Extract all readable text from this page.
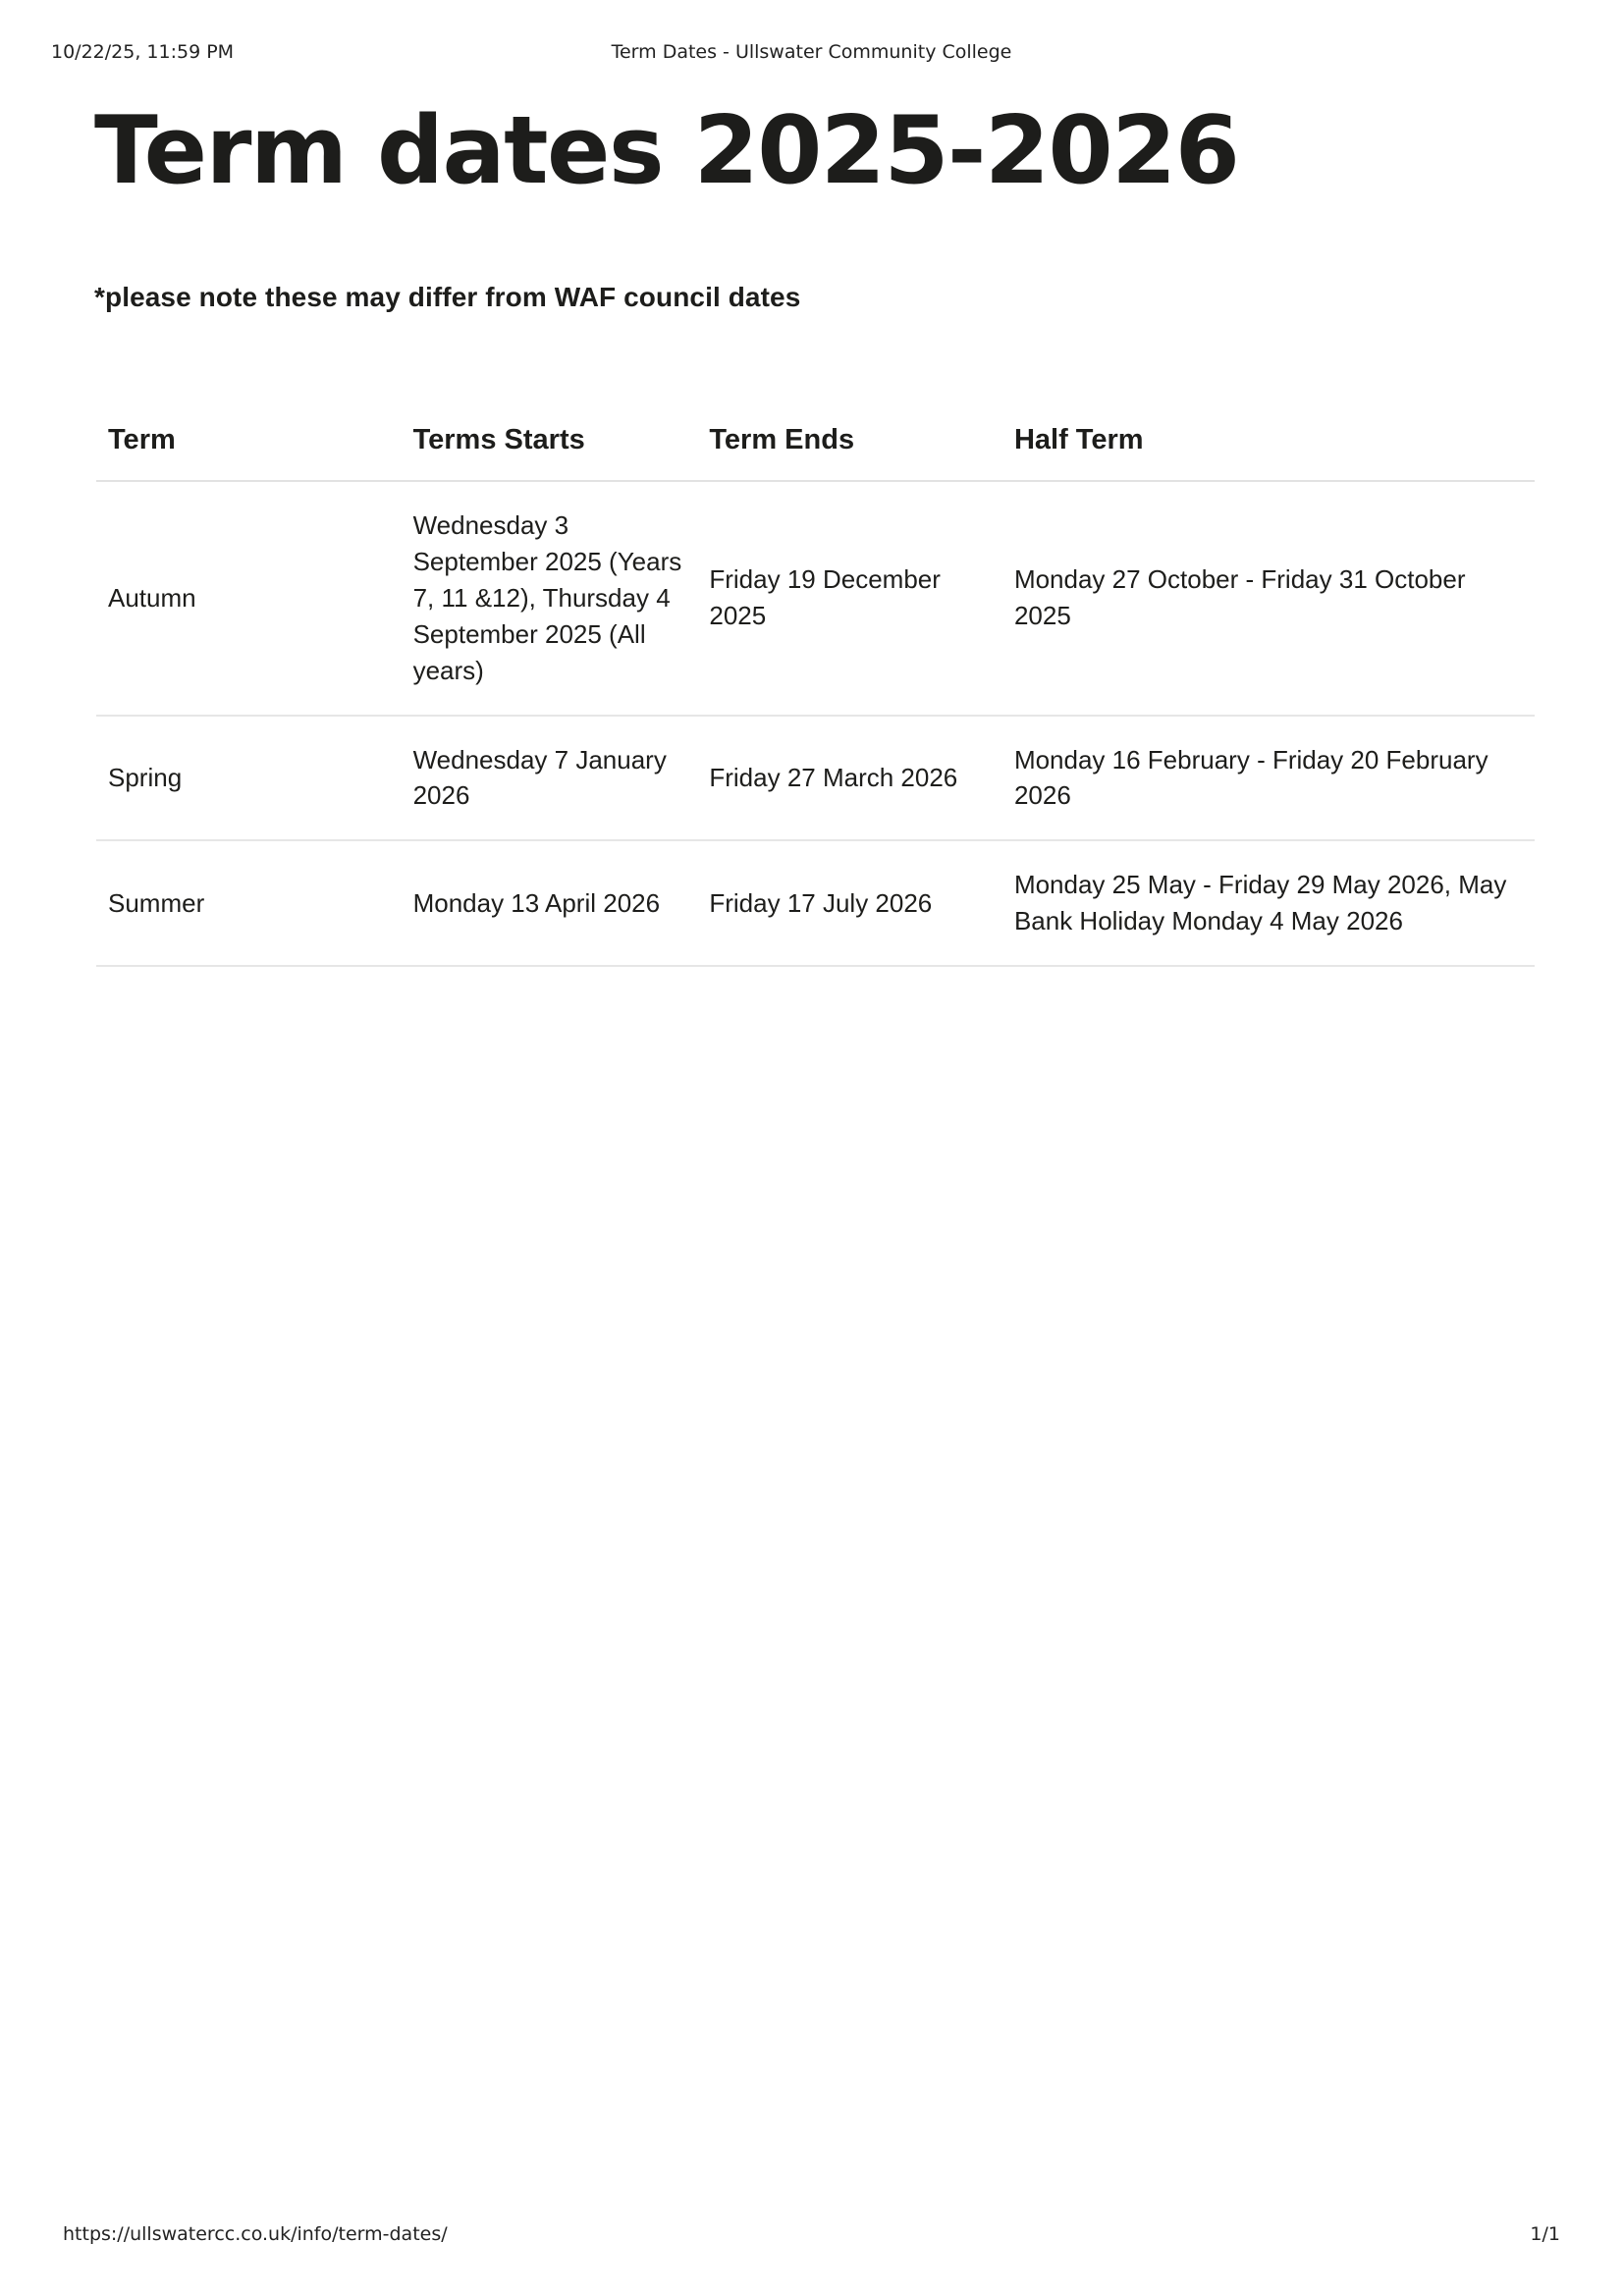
10/22/25, 11:59 PM	Term Dates - Ullswater Community College
Term dates 2025-2026
*please note these may differ from WAF council dates
Term	Terms Starts	Term Ends	Half Term

Autumn	Wednesday 3 September 2025 (Years 7, 11 &12), Thursday 4 September 2025 (All years)	Friday 19 December 2025	Monday 27 October - Friday 31 October 2025

Spring	Wednesday 7 January 2026	Friday 27 March 2026	Monday 16 February - Friday 20 February 2026

Summer	Monday 13 April 2026	Friday 17 July 2026	Monday 25 May - Friday 29 May 2026, May Bank Holiday Monday 4 May 2026
https://ullswatercc.co.uk/info/term-dates/	1/1
